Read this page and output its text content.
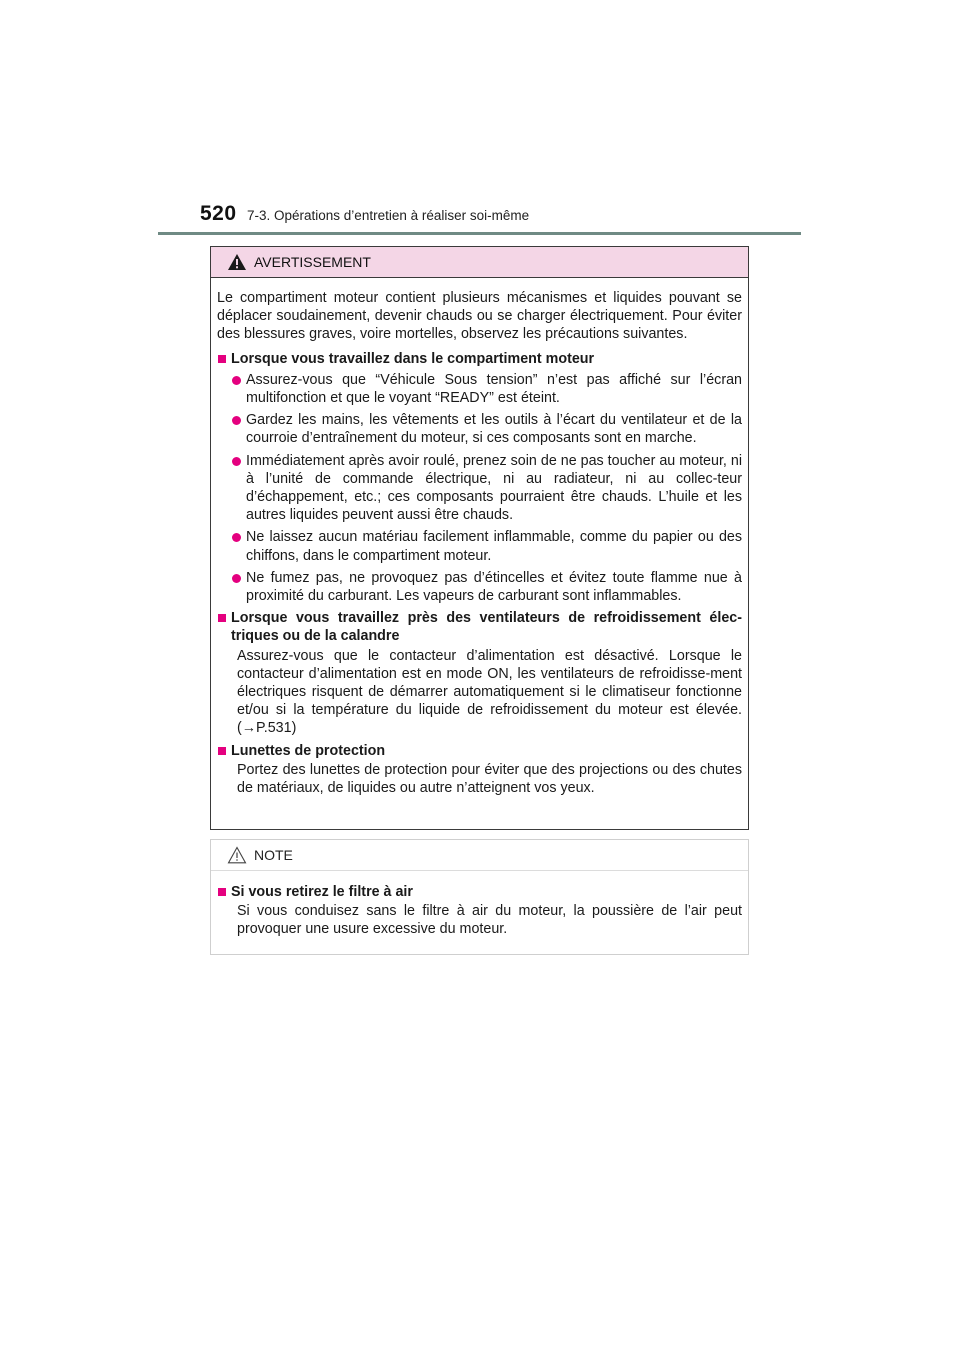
520 7-3. Opérations d’entretien à réaliser soi-même
AVERTISSEMENT

Le compartiment moteur contient plusieurs mécanismes et liquides pouvant se déplacer soudainement, devenir chauds ou se charger électriquement. Pour éviter des blessures graves, voire mortelles, observez les précautions suivantes.

Lorsque vous travaillez dans le compartiment moteur
Assurez-vous que “Véhicule Sous tension” n’est pas affiché sur l’écran multifonction et que le voyant “READY” est éteint.
Gardez les mains, les vêtements et les outils à l’écart du ventilateur et de la courroie d’entraînement du moteur, si ces composants sont en marche.
Immédiatement après avoir roulé, prenez soin de ne pas toucher au moteur, ni à l’unité de commande électrique, ni au radiateur, ni au collec-teur d’échappement, etc.; ces composants pourraient être chauds. L’huile et les autres liquides peuvent aussi être chauds.
Ne laissez aucun matériau facilement inflammable, comme du papier ou des chiffons, dans le compartiment moteur.
Ne fumez pas, ne provoquez pas d’étincelles et évitez toute flamme nue à proximité du carburant. Les vapeurs de carburant sont inflammables.
Lorsque vous travaillez près des ventilateurs de refroidissement élec-triques ou de la calandre
Assurez-vous que le contacteur d’alimentation est désactivé. Lorsque le contacteur d’alimentation est en mode ON, les ventilateurs de refroidisse-ment électriques risquent de démarrer automatiquement si le climatiseur fonctionne et/ou si la température du liquide de refroidissement du moteur est élevée. (→P.531)
Lunettes de protection
Portez des lunettes de protection pour éviter que des projections ou des chutes de matériaux, de liquides ou autre n’atteignent vos yeux.
NOTE
Si vous retirez le filtre à air
Si vous conduisez sans le filtre à air du moteur, la poussière de l’air peut provoquer une usure excessive du moteur.
